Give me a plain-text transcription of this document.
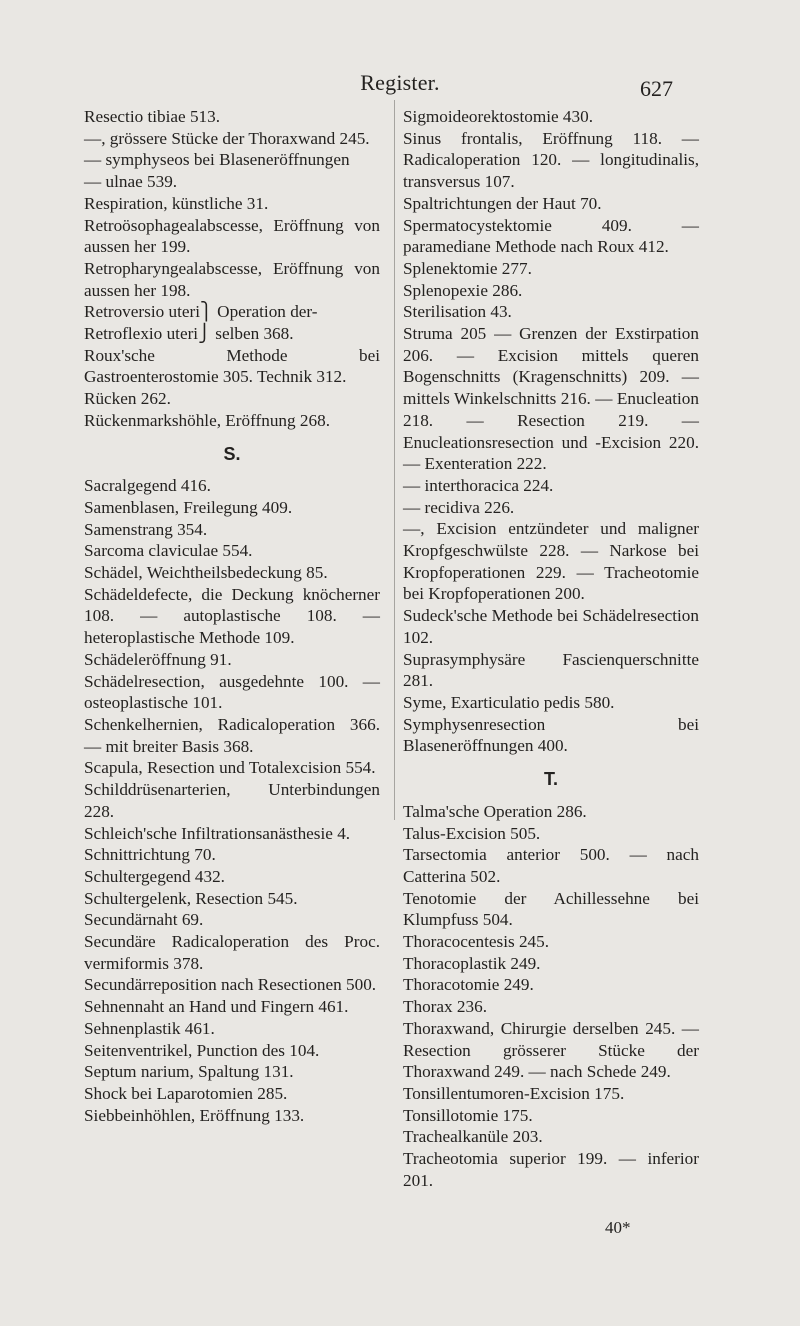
Register.	627
Resectio tibiae 513.
—, grössere Stücke der Thoraxwand 245.
— symphyseos bei Blaseneröffnungen
— ulnae 539.
Respiration, künstliche 31.
Retroösophagealabscesse, Eröffnung von aussen her 199.
Retropharyngealabscesse, Eröffnung von aussen her 198.
Retroversio uteri⎫ Operation der-
Retroflexio uteri⎭ selben 368.
Roux'sche Methode bei Gastroenterostomie 305. Technik 312.
Rücken 262.
Rückenmarkshöhle, Eröffnung 268.
S.
Sacralgegend 416.
Samenblasen, Freilegung 409.
Samenstrang 354.
Sarcoma claviculae 554.
Schädel, Weichtheilsbedeckung 85.
Schädeldefecte, die Deckung knöcherner 108. — autoplastische 108. — heteroplastische Methode 109.
Schädeleröffnung 91.
Schädelresection, ausgedehnte 100. — osteoplastische 101.
Schenkelhernien, Radicaloperation 366. — mit breiter Basis 368.
Scapula, Resection und Totalexcision 554.
Schilddrüsenarterien, Unterbindungen 228.
Schleich'sche Infiltrationsanästhesie 4.
Schnittrichtung 70.
Schultergegend 432.
Schultergelenk, Resection 545.
Secundärnaht 69.
Secundäre Radicaloperation des Proc. vermiformis 378.
Secundärreposition nach Resectionen 500.
Sehnennaht an Hand und Fingern 461.
Sehnenplastik 461.
Seitenventrikel, Punction des 104.
Septum narium, Spaltung 131.
Shock bei Laparotomien 285.
Siebbeinhöhlen, Eröffnung 133.
Sigmoideorektostomie 430.
Sinus frontalis, Eröffnung 118. — Radicaloperation 120. — longitudinalis, transversus 107.
Spaltrichtungen der Haut 70.
Spermatocystektomie 409. — paramediane Methode nach Roux 412.
Splenektomie 277.
Splenopexie 286.
Sterilisation 43.
Struma 205 — Grenzen der Exstirpation 206. — Excision mittels queren Bogenschnitts (Kragenschnitts) 209. — mittels Winkelschnitts 216. — Enucleation 218. — Resection 219. — Enucleationsresection und -Excision 220. — Exenteration 222.
— interthoracica 224.
— recidiva 226.
—, Excision entzündeter und maligner Kropfgeschwülste 228. — Narkose bei Kropfoperationen 229. — Tracheotomie bei Kropfoperationen 200.
Sudeck'sche Methode bei Schädelresection 102.
Suprasymphysäre Fascienquerschnitte 281.
Syme, Exarticulatio pedis 580.
Symphysenresection bei Blaseneröffnungen 400.
T.
Talma'sche Operation 286.
Talus-Excision 505.
Tarsectomia anterior 500. — nach Catterina 502.
Tenotomie der Achillessehne bei Klumpfuss 504.
Thoracocentesis 245.
Thoracoplastik 249.
Thoracotomie 249.
Thorax 236.
Thoraxwand, Chirurgie derselben 245. — Resection grösserer Stücke der Thoraxwand 249. — nach Schede 249.
Tonsillentumoren-Excision 175.
Tonsillotomie 175.
Trachealkanüle 203.
Tracheotomia superior 199. — inferior 201.
40*
